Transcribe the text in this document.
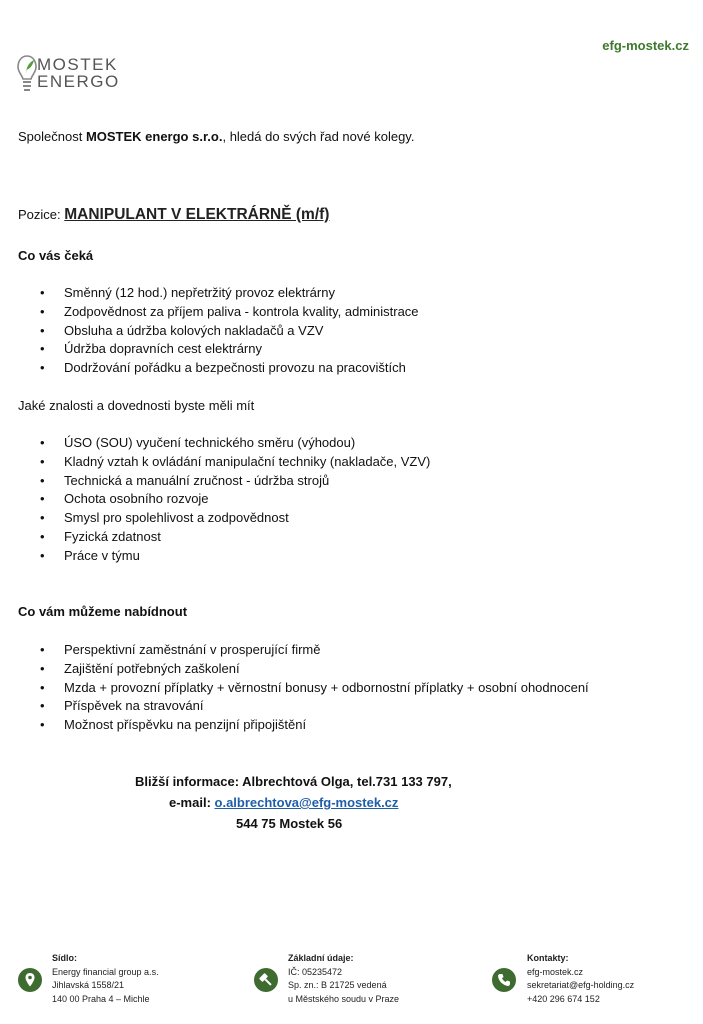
efg-mostek.cz
MOSTEK
ENERGO
Společnost MOSTEK energo s.r.o., hledá do svých řad nové kolegy.
Pozice: MANIPULANT V ELEKTRÁRNĚ (m/f)
Co vás čeká
• Směnný (12 hod.) nepřetržitý provoz elektrárny
• Zodpovědnost za příjem paliva - kontrola kvality, administrace
• Obsluha a údržba kolových nakladačů a VZV
• Údržba dopravních cest elektrárny
• Dodržování pořádku a bezpečnosti provozu na pracovištích
Jaké znalosti a dovednosti byste měli mít
• ÚSO (SOU) vyučení technického směru (výhodou)
• Kladný vztah k ovládání manipulační techniky (nakladače, VZV)
• Technická a manuální zručnost - údržba strojů
• Ochota osobního rozvoje
• Smysl pro spolehlivost a zodpovědnost
• Fyzická zdatnost
• Práce v týmu
Co vám můžeme nabídnout
• Perspektivní zaměstnání v prosperující firmě
• Zajištění potřebných zaškolení
• Mzda + provozní příplatky + věrnostní bonusy + odbornostní příplatky + osobní ohodnocení
• Příspěvek na stravování
• Možnost příspěvku na penzijní připojištění
Bližší informace: Albrechtová Olga, tel.731 133 797,
e-mail: o.albrechtova@efg-mostek.cz
544 75 Mostek 56
Sídlo:
Energy financial group a.s.
Jihlavská 1558/21
140 00 Praha 4 – Michle
Základní údaje:
IČ: 05235472
Sp. zn.: B 21725 vedená
u Městského soudu v Praze
Kontakty:
efg-mostek.cz
sekretariat@efg-holding.cz
+420 296 674 152
